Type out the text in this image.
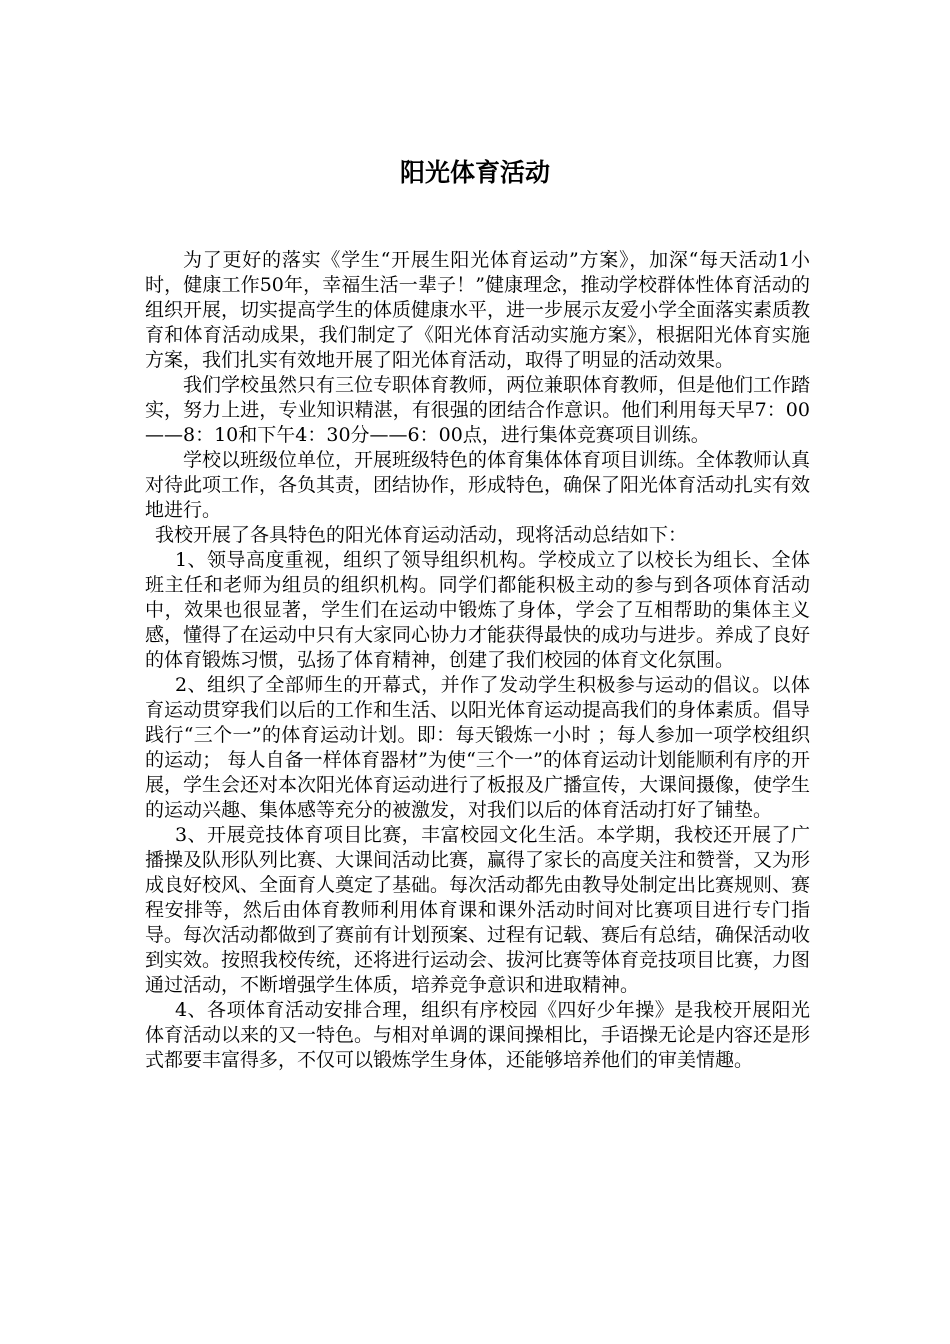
阳光体育活动

为了更好的落实《学生“开展生阳光体育运动”方案》，加深“每天活动1小时，健康工作50年，幸福生活一辈子！”健康理念，推动学校群体性体育活动的组织开展，切实提高学生的体质健康水平，进一步展示友爱小学全面落实素质教育和体育活动成果，我们制定了《阳光体育活动实施方案》，根据阳光体育实施方案，我们扎实有效地开展了阳光体育活动，取得了明显的活动效果。

我们学校虽然只有三位专职体育教师，两位兼职体育教师，但是他们工作踏实，努力上进，专业知识精湛，有很强的团结合作意识。他们利用每天早7：00——8：10和下午4：30分——6：00点，进行集体竞赛项目训练。

学校以班级位单位，开展班级特色的体育集体体育项目训练。全体教师认真对待此项工作，各负其责，团结协作，形成特色，确保了阳光体育活动扎实有效地进行。

我校开展了各具特色的阳光体育运动活动，现将活动总结如下：

1、领导高度重视，组织了领导组织机构。学校成立了以校长为组长、全体班主任和老师为组员的组织机构。同学们都能积极主动的参与到各项体育活动中，效果也很显著，学生们在运动中锻炼了身体，学会了互相帮助的集体主义感，懂得了在运动中只有大家同心协力才能获得最快的成功与进步。养成了良好的体育锻炼习惯，弘扬了体育精神，创建了我们校园的体育文化氛围。

2、组织了全部师生的开幕式，并作了发动学生积极参与运动的倡议。以体育运动贯穿我们以后的工作和生活、以阳光体育运动提高我们的身体素质。倡导践行“三个一”的体育运动计划。即：每天锻炼一小时 ；每人参加一项学校组织的运动； 每人自备一样体育器材”为使“三个一”的体育运动计划能顺利有序的开展，学生会还对本次阳光体育运动进行了板报及广播宣传，大课间摄像，使学生的运动兴趣、集体感等充分的被激发，对我们以后的体育活动打好了铺垫。

3、开展竞技体育项目比赛，丰富校园文化生活。本学期，我校还开展了广播操及队形队列比赛、大课间活动比赛，赢得了家长的高度关注和赞誉，又为形成良好校风、全面育人奠定了基础。每次活动都先由教导处制定出比赛规则、赛程安排等，然后由体育教师利用体育课和课外活动时间对比赛项目进行专门指导。每次活动都做到了赛前有计划预案、过程有记载、赛后有总结，确保活动收到实效。按照我校传统，还将进行运动会、拔河比赛等体育竞技项目比赛，力图通过活动，不断增强学生体质，培养竞争意识和进取精神。

4、各项体育活动安排合理，组织有序校园《四好少年操》是我校开展阳光体育活动以来的又一特色。与相对单调的课间操相比，手语操无论是内容还是形式都要丰富得多，不仅可以锻炼学生身体，还能够培养他们的审美情趣。
